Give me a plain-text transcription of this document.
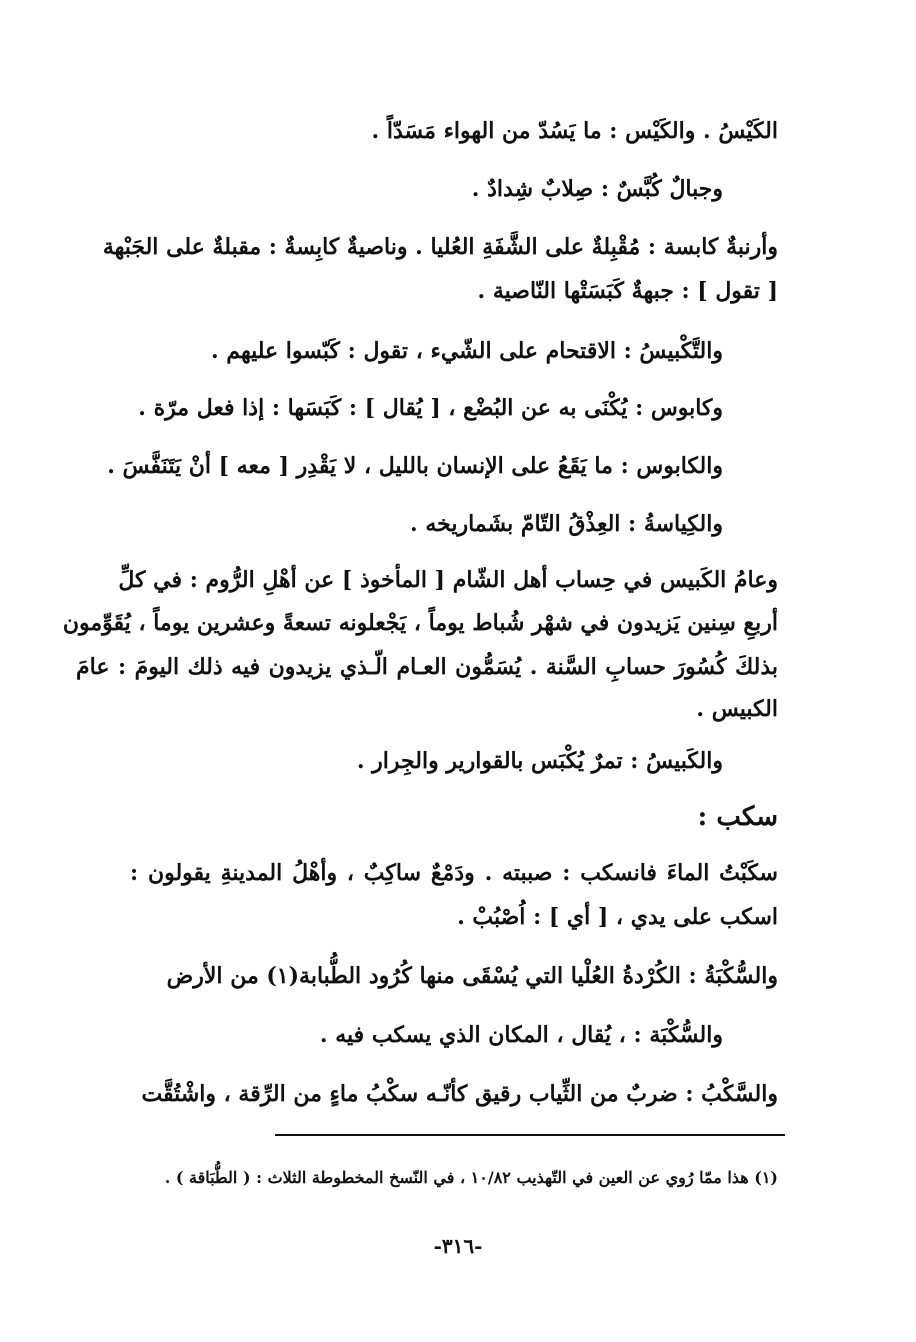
الكَيْسُ . والكَيْس : ما يَسُدّ من الهواء مَسَدّاً .
وجبالٌ كُبَّسٌ : صِلابٌ شِدادٌ .
وأرنبةٌ كابسة : مُقْبِلةٌ على الشَّفَةِ العُليا . وناصيةٌ كابِسةٌ : مقبلةٌ على الجَبْهة
[ تقول ] : جبهةٌ كَبَسَتْها النّاصية .
والتَّكْبيسُ : الاقتحام على الشّيء ، تقول : كَبّسوا عليهم .
وكابوس : يُكْنَى به عن البُضْع ، [ يُقال ] : كَبَسَها : إذا فعل مرّة .
والكابوس : ما يَقَعُ على الإنسان بالليل ، لا يَقْدِر [ معه ] أنْ يَتَنَفَّسَ .
والكِياسةُ : العِذْقُ التّامّ بشَماريخه .
وعامُ الكَبيس في حِساب أهل الشّام [ المأخوذ ] عن أهْلِ الرُّوم : في كلِّ
أربعِ سِنين يَزيدون في شهْر شُباط يوماً ، يَجْعلونه تسعةً وعشرين يوماً ، يُقَوِّمون
بذلكَ كُسُورَ حسابِ السَّنة . يُسَمُّون العـام الّـذي يزيدون فيه ذلك اليومَ : عامَ
الكبيس .
والكَبيسُ : تمرٌ يُكْبَس بالقوارير والجِرار .
سكب :
سكَبْتُ الماءَ فانسكب : صببته . ودَمْعٌ ساكِبٌ ، وأهْلُ المدينةِ يقولون :
اسكب على يدي ، [ أي ] : اُصْبُبْ .
والسُّكْبَةُ : الكُرْدةُ العُلْيا التي يُسْقَى منها كُرُود الطُّبابة(١) من الأرض
والسُّكْبَة : ، يُقال ، المكان الذي يسكب فيه .
والسَّكْبُ : ضربٌ من الثِّياب رقيق كأنّـه سكْبُ ماءٍ من الرِّقة ، واشْتُقَّت
(١) هذا ممّا رُوي عن العين في التّهذيب ١٠/٨٢ ، في النّسخ المخطوطة الثلاث : ( الطُّبَاقة ) .
-٣١٦-
